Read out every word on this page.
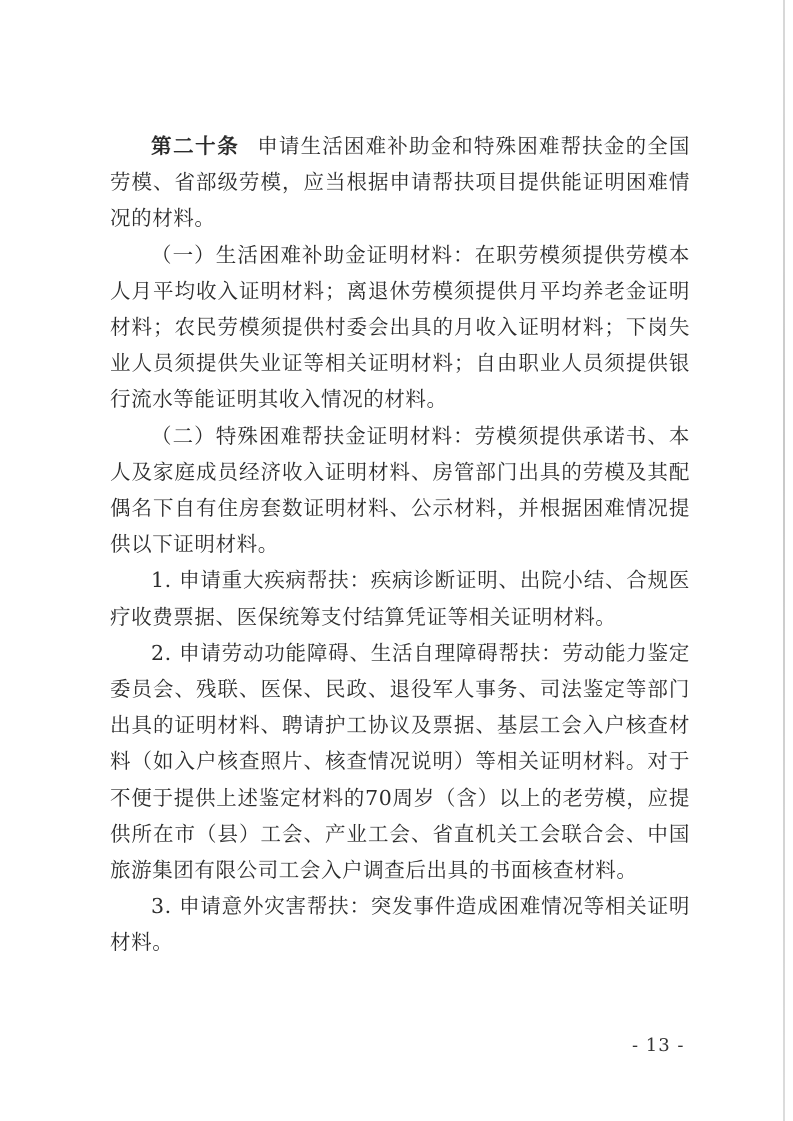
第二十条 申请生活困难补助金和特殊困难帮扶金的全国劳模、省部级劳模，应当根据申请帮扶项目提供能证明困难情况的材料。

（一）生活困难补助金证明材料：在职劳模须提供劳模本人月平均收入证明材料；离退休劳模须提供月平均养老金证明材料；农民劳模须提供村委会出具的月收入证明材料；下岗失业人员须提供失业证等相关证明材料；自由职业人员须提供银行流水等能证明其收入情况的材料。

（二）特殊困难帮扶金证明材料：劳模须提供承诺书、本人及家庭成员经济收入证明材料、房管部门出具的劳模及其配偶名下自有住房套数证明材料、公示材料，并根据困难情况提供以下证明材料。

1. 申请重大疾病帮扶：疾病诊断证明、出院小结、合规医疗收费票据、医保统筹支付结算凭证等相关证明材料。

2. 申请劳动功能障碍、生活自理障碍帮扶：劳动能力鉴定委员会、残联、医保、民政、退役军人事务、司法鉴定等部门出具的证明材料、聘请护工协议及票据、基层工会入户核查材料（如入户核查照片、核查情况说明）等相关证明材料。对于不便于提供上述鉴定材料的70周岁（含）以上的老劳模，应提供所在市（县）工会、产业工会、省直机关工会联合会、中国旅游集团有限公司工会入户调查后出具的书面核查材料。

3. 申请意外灾害帮扶：突发事件造成困难情况等相关证明材料。

- 13 -
